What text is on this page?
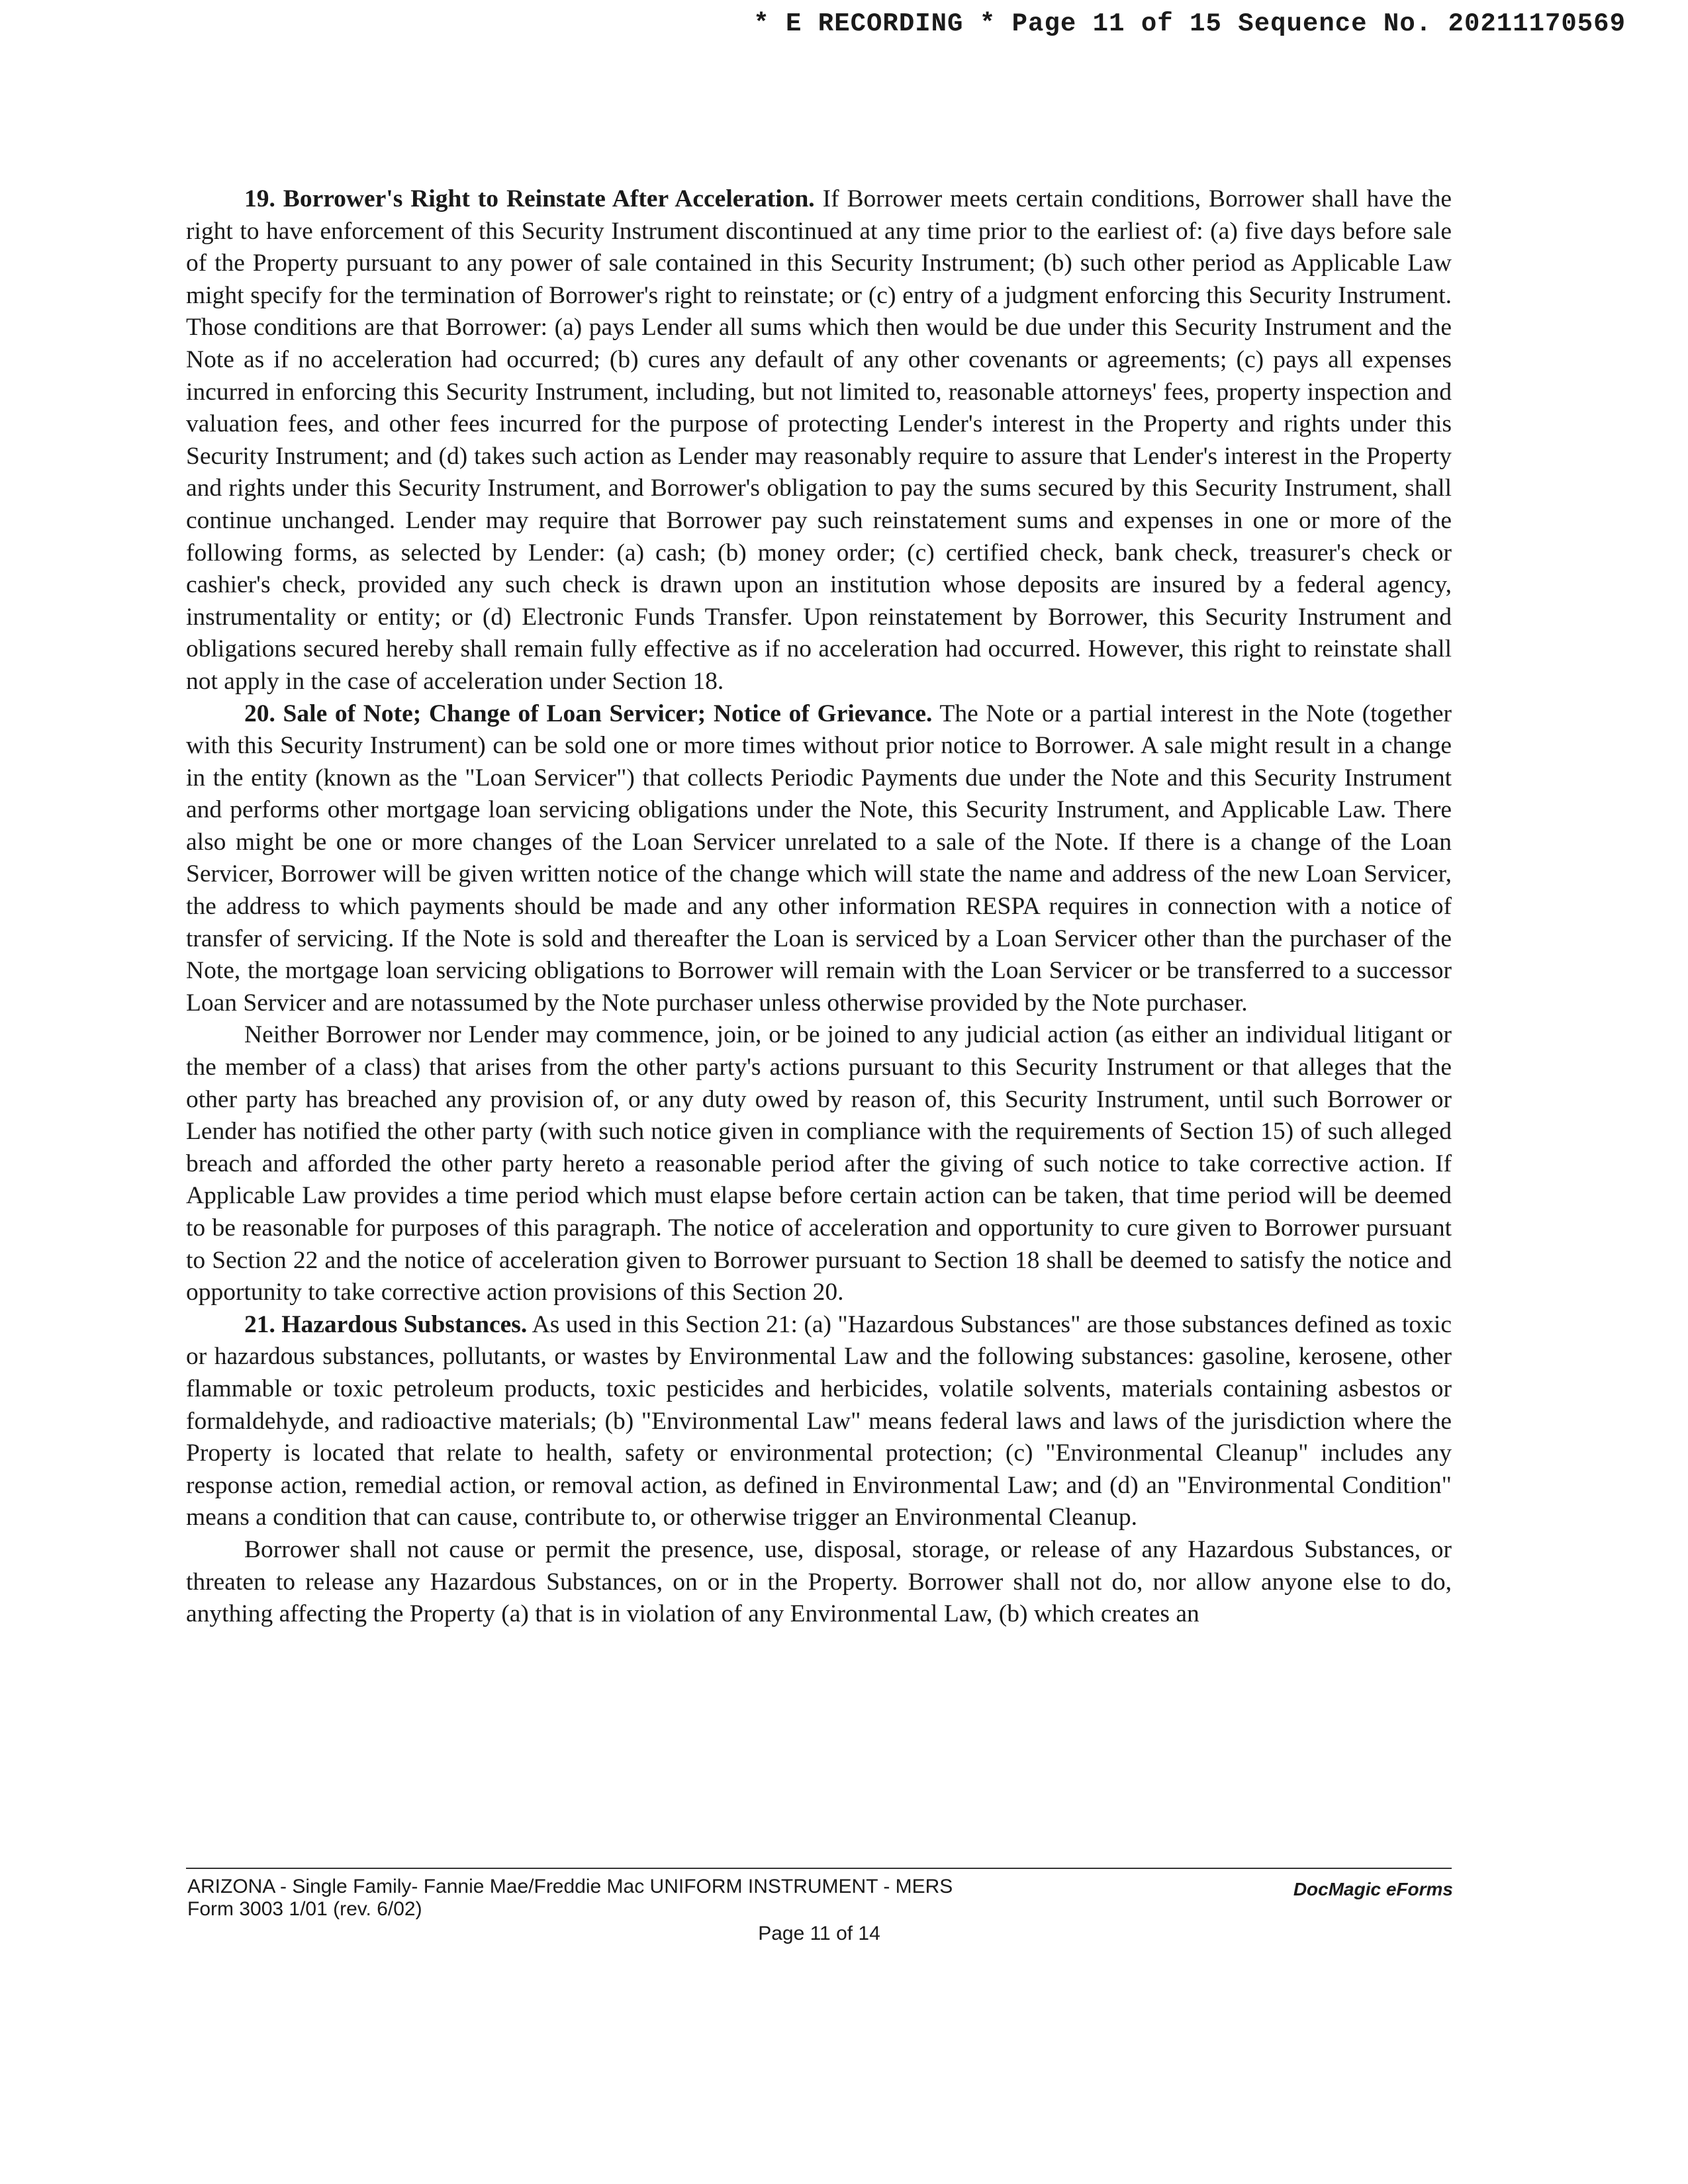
* E RECORDING * Page 11 of 15 Sequence No. 20211170569

19. Borrower's Right to Reinstate After Acceleration. If Borrower meets certain conditions, Borrower shall have the right to have enforcement of this Security Instrument discontinued at any time prior to the earliest of: (a) five days before sale of the Property pursuant to any power of sale contained in this Security Instrument; (b) such other period as Applicable Law might specify for the termination of Borrower's right to reinstate; or (c) entry of a judgment enforcing this Security Instrument. Those conditions are that Borrower: (a) pays Lender all sums which then would be due under this Security Instrument and the Note as if no acceleration had occurred; (b) cures any default of any other covenants or agreements; (c) pays all expenses incurred in enforcing this Security Instrument, including, but not limited to, reasonable attorneys' fees, property inspection and valuation fees, and other fees incurred for the purpose of protecting Lender's interest in the Property and rights under this Security Instrument; and (d) takes such action as Lender may reasonably require to assure that Lender's interest in the Property and rights under this Security Instrument, and Borrower's obligation to pay the sums secured by this Security Instrument, shall continue unchanged. Lender may require that Borrower pay such reinstatement sums and expenses in one or more of the following forms, as selected by Lender: (a) cash; (b) money order; (c) certified check, bank check, treasurer's check or cashier's check, provided any such check is drawn upon an institution whose deposits are insured by a federal agency, instrumentality or entity; or (d) Electronic Funds Transfer. Upon reinstatement by Borrower, this Security Instrument and obligations secured hereby shall remain fully effective as if no acceleration had occurred. However, this right to reinstate shall not apply in the case of acceleration under Section 18.

20. Sale of Note; Change of Loan Servicer; Notice of Grievance. The Note or a partial interest in the Note (together with this Security Instrument) can be sold one or more times without prior notice to Borrower. A sale might result in a change in the entity (known as the "Loan Servicer") that collects Periodic Payments due under the Note and this Security Instrument and performs other mortgage loan servicing obligations under the Note, this Security Instrument, and Applicable Law. There also might be one or more changes of the Loan Servicer unrelated to a sale of the Note. If there is a change of the Loan Servicer, Borrower will be given written notice of the change which will state the name and address of the new Loan Servicer, the address to which payments should be made and any other information RESPA requires in connection with a notice of transfer of servicing. If the Note is sold and thereafter the Loan is serviced by a Loan Servicer other than the purchaser of the Note, the mortgage loan servicing obligations to Borrower will remain with the Loan Servicer or be transferred to a successor Loan Servicer and are notassumed by the Note purchaser unless otherwise provided by the Note purchaser.

Neither Borrower nor Lender may commence, join, or be joined to any judicial action (as either an individual litigant or the member of a class) that arises from the other party's actions pursuant to this Security Instrument or that alleges that the other party has breached any provision of, or any duty owed by reason of, this Security Instrument, until such Borrower or Lender has notified the other party (with such notice given in compliance with the requirements of Section 15) of such alleged breach and afforded the other party hereto a reasonable period after the giving of such notice to take corrective action. If Applicable Law provides a time period which must elapse before certain action can be taken, that time period will be deemed to be reasonable for purposes of this paragraph. The notice of acceleration and opportunity to cure given to Borrower pursuant to Section 22 and the notice of acceleration given to Borrower pursuant to Section 18 shall be deemed to satisfy the notice and opportunity to take corrective action provisions of this Section 20.

21. Hazardous Substances. As used in this Section 21: (a) "Hazardous Substances" are those substances defined as toxic or hazardous substances, pollutants, or wastes by Environmental Law and the following substances: gasoline, kerosene, other flammable or toxic petroleum products, toxic pesticides and herbicides, volatile solvents, materials containing asbestos or formaldehyde, and radioactive materials; (b) "Environmental Law" means federal laws and laws of the jurisdiction where the Property is located that relate to health, safety or environmental protection; (c) "Environmental Cleanup" includes any response action, remedial action, or removal action, as defined in Environmental Law; and (d) an "Environmental Condition" means a condition that can cause, contribute to, or otherwise trigger an Environmental Cleanup.

Borrower shall not cause or permit the presence, use, disposal, storage, or release of any Hazardous Substances, or threaten to release any Hazardous Substances, on or in the Property. Borrower shall not do, nor allow anyone else to do, anything affecting the Property (a) that is in violation of any Environmental Law, (b) which creates an

ARIZONA - Single Family- Fannie Mae/Freddie Mac UNIFORM INSTRUMENT - MERS
Form 3003 1/01 (rev. 6/02)
Page 11 of 14
DocMagic eForms
